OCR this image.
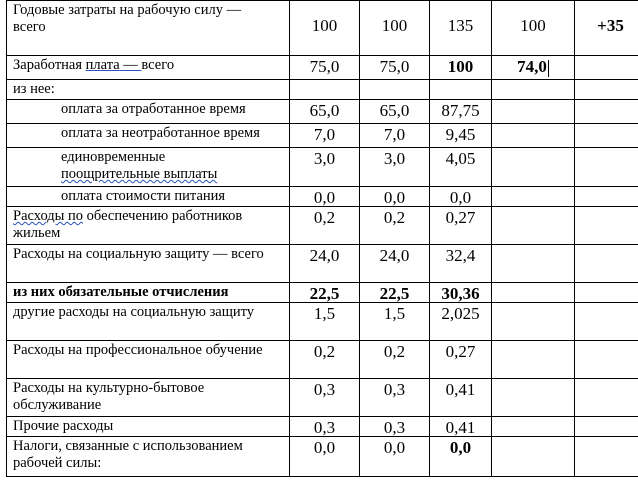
Годовые затраты на рабочую силу —
всего	100	100	135	100	+35
Заработная плата — всего	75,0	75,0	100	74,0	
из нее:					
оплата за отработанное время	65,0	65,0	87,75		
оплата за неотработанное время	7,0	7,0	9,45		
единовременные
поощрительные выплаты	3,0	3,0	4,05		
оплата стоимости питания	0,0	0,0	0,0		
Расходы по обеспечению работников жильем	0,2	0,2	0,27		
Расходы на социальную защиту — всего	24,0	24,0	32,4		
из них обязательные отчисления	22,5	22,5	30,36		
другие расходы на социальную защиту	1,5	1,5	2,025		
Расходы на профессиональное обучение	0,2	0,2	0,27		
Расходы на культурно-бытовое обслуживание	0,3	0,3	0,41		
Прочие расходы	0,3	0,3	0,41		
Налоги, связанные с использованием рабочей силы:	0,0	0,0	0,0		
